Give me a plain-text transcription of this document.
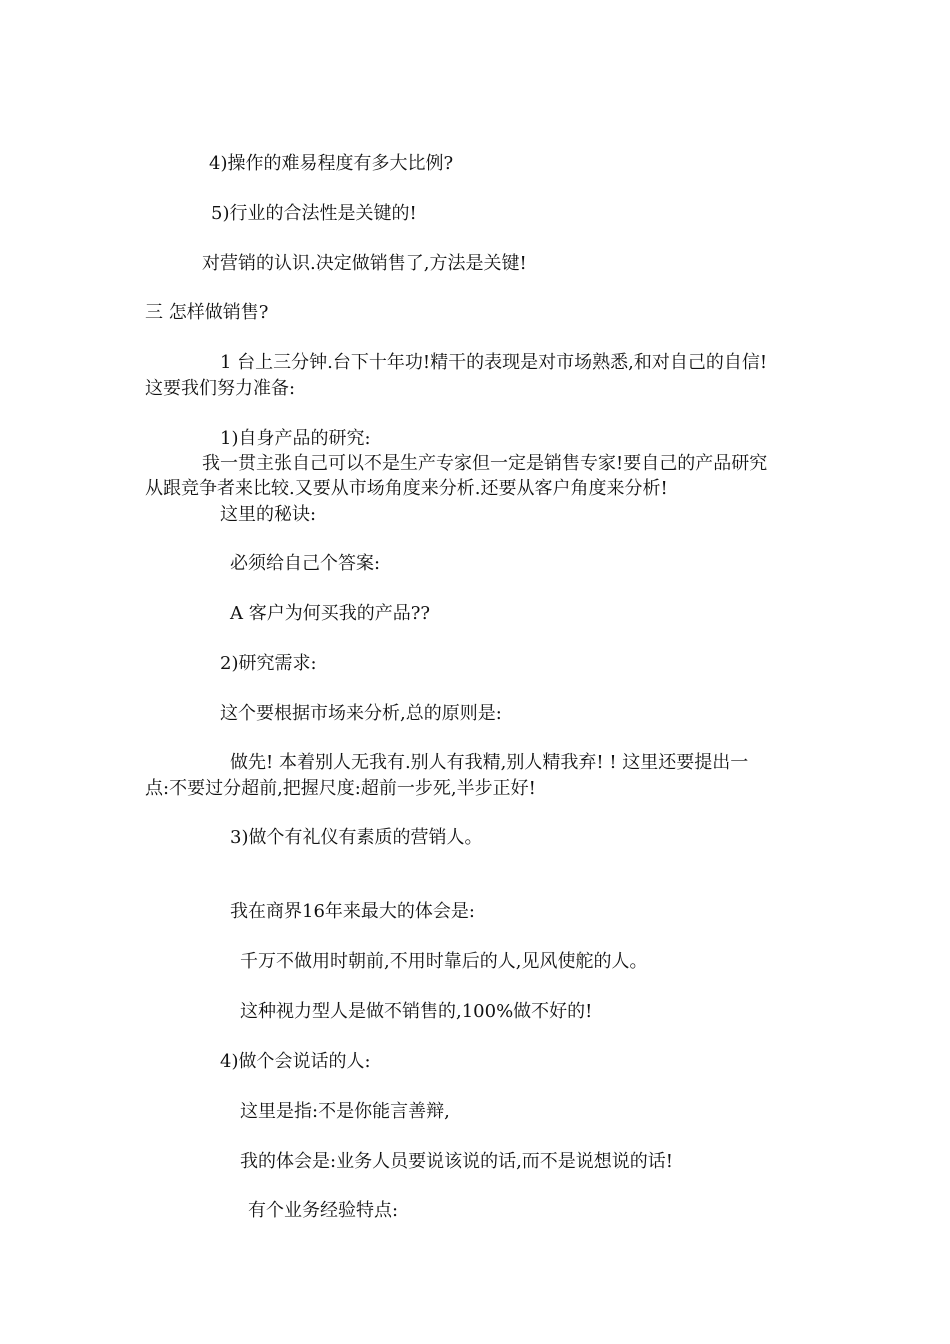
4)操作的难易程度有多大比例?

5)行业的合法性是关键的!

对营销的认识.决定做销售了,方法是关键!

三 怎样做销售?

1 台上三分钟.台下十年功!精干的表现是对市场熟悉,和对自己的自信!

这要我们努力准备:

1)自身产品的研究:

我一贯主张自己可以不是生产专家但一定是销售专家!要自己的产品研究

从跟竞争者来比较.又要从市场角度来分析.还要从客户角度来分析!

这里的秘诀:

必须给自己个答案:

A 客户为何买我的产品??

2)研究需求:

这个要根据市场来分析,总的原则是:

做先! 本着别人无我有.别人有我精,别人精我弃! ! 这里还要提出一

点:不要过分超前,把握尺度:超前一步死,半步正好!

3)做个有礼仪有素质的营销人。

我在商界16年来最大的体会是:

千万不做用时朝前,不用时靠后的人,见风使舵的人。

这种视力型人是做不销售的,100%做不好的!

4)做个会说话的人:

这里是指:不是你能言善辩,

我的体会是:业务人员要说该说的话,而不是说想说的话!

有个业务经验特点:
